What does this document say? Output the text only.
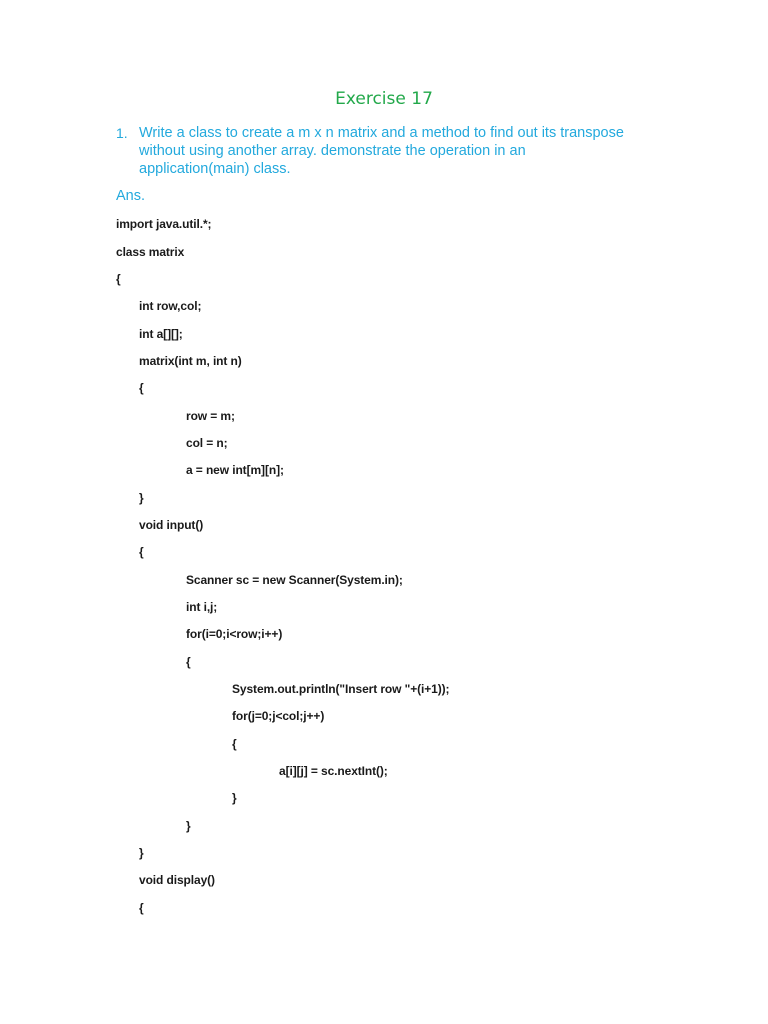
Exercise 17
1. Write a class to create a m x n matrix and a method to find out its transpose
without using another array. demonstrate the operation in an
application(main) class.
Ans.
import java.util.*;
class matrix
{
int row,col;
int a[][];
matrix(int m, int n)
{
row = m;
col = n;
a = new int[m][n];
}
void input()
{
Scanner sc = new Scanner(System.in);
int i,j;
for(i=0;i<row;i++)
{
System.out.println("Insert row "+(i+1));
for(j=0;j<col;j++)
{
a[i][j] = sc.nextInt();
}
}
}
void display()
{
